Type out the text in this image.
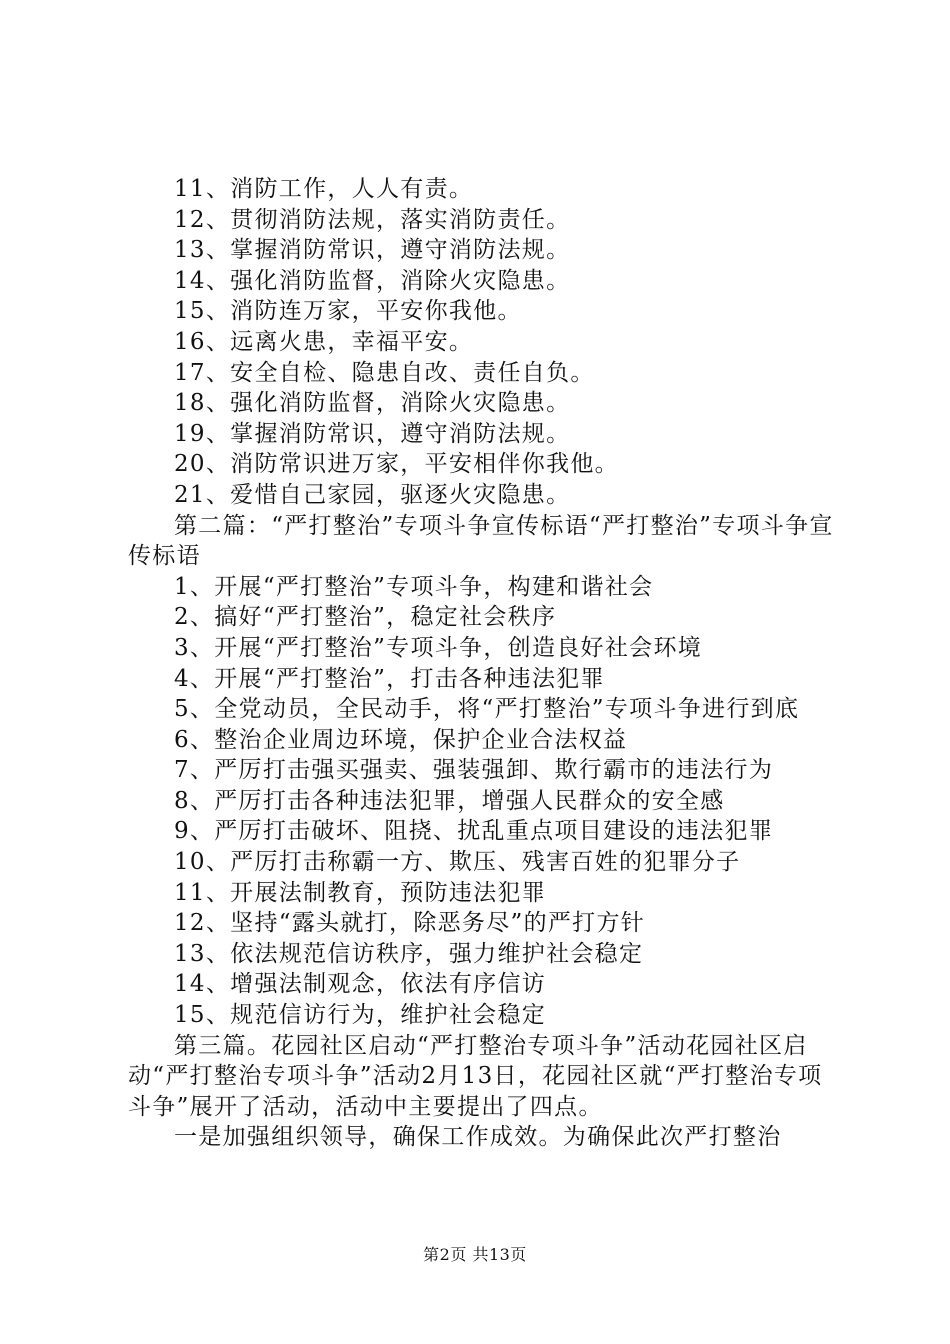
11、消防工作，人人有责。

12、贯彻消防法规，落实消防责任。

13、掌握消防常识，遵守消防法规。

14、强化消防监督，消除火灾隐患。

15、消防连万家，平安你我他。

16、远离火患，幸福平安。

17、安全自检、隐患自改、责任自负。

18、强化消防监督，消除火灾隐患。

19、掌握消防常识，遵守消防法规。

20、消防常识进万家，平安相伴你我他。

21、爱惜自己家园，驱逐火灾隐患。

第二篇：“严打整治”专项斗争宣传标语“严打整治”专项斗争宣传标语

1、开展“严打整治”专项斗争，构建和谐社会

2、搞好“严打整治”，稳定社会秩序

3、开展“严打整治”专项斗争，创造良好社会环境

4、开展“严打整治”，打击各种违法犯罪

5、全党动员，全民动手，将“严打整治”专项斗争进行到底

6、整治企业周边环境，保护企业合法权益

7、严厉打击强买强卖、强装强卸、欺行霸市的违法行为

8、严厉打击各种违法犯罪，增强人民群众的安全感

9、严厉打击破坏、阻挠、扰乱重点项目建设的违法犯罪

10、严厉打击称霸一方、欺压、残害百姓的犯罪分子

11、开展法制教育，预防违法犯罪

12、坚持“露头就打，除恶务尽”的严打方针

13、依法规范信访秩序，强力维护社会稳定

14、增强法制观念，依法有序信访

15、规范信访行为，维护社会稳定

第三篇。花园社区启动“严打整治专项斗争”活动花园社区启动“严打整治专项斗争”活动2月13日，花园社区就“严打整治专项斗争”展开了活动，活动中主要提出了四点。

一是加强组织领导，确保工作成效。为确保此次严打整治

第2页 共13页
